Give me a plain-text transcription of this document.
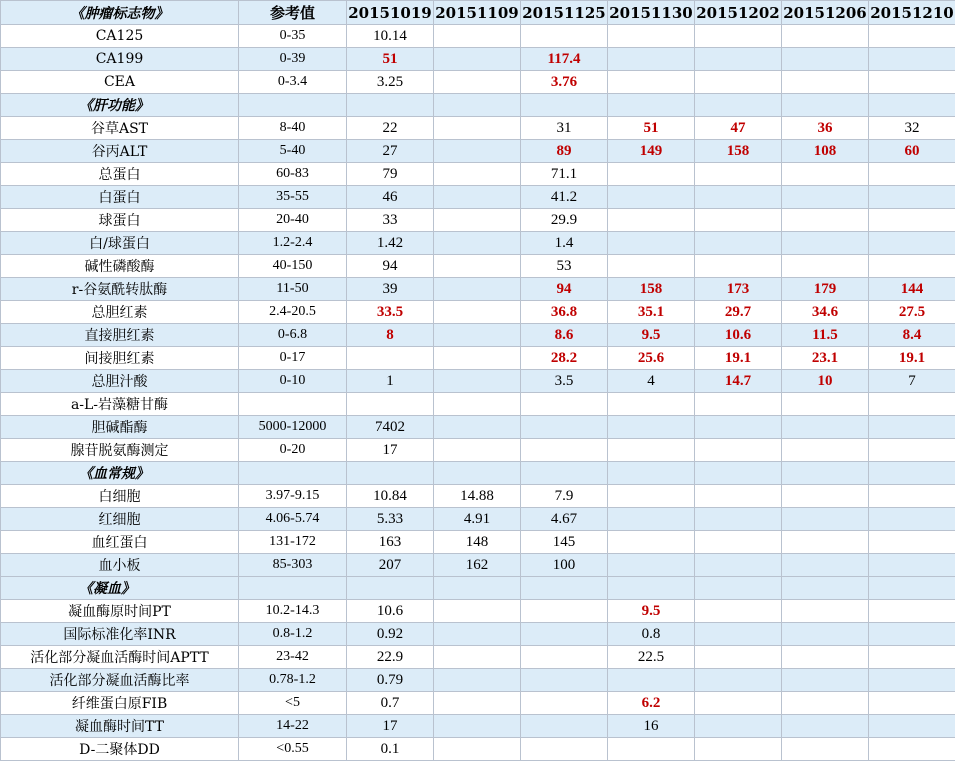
《肿瘤标志物》	参考值	20151019	20151109	20151125	20151130	20151202	20151206	20151210
CA125	0-35	10.14						
CA199	0-39	51		117.4				
CEA	0-3.4	3.25		3.76				
《肝功能》								
谷草AST	8-40	22		31	51	47	36	32
谷丙ALT	5-40	27		89	149	158	108	60
总蛋白	60-83	79		71.1				
白蛋白	35-55	46		41.2				
球蛋白	20-40	33		29.9				
白/球蛋白	1.2-2.4	1.42		1.4				
碱性磷酸酶	40-150	94		53				
r-谷氨酰转肽酶	11-50	39		94	158	173	179	144
总胆红素	2.4-20.5	33.5		36.8	35.1	29.7	34.6	27.5
直接胆红素	0-6.8	8		8.6	9.5	10.6	11.5	8.4
间接胆红素	0-17			28.2	25.6	19.1	23.1	19.1
总胆汁酸	0-10	1		3.5	4	14.7	10	7
a-L-岩藻糖甘酶								
胆碱酯酶	5000-12000	7402						
腺苷脱氨酶测定	0-20	17						
《血常规》								
白细胞	3.97-9.15	10.84	14.88	7.9				
红细胞	4.06-5.74	5.33	4.91	4.67				
血红蛋白	131-172	163	148	145				
血小板	85-303	207	162	100				
《凝血》								
凝血酶原时间PT	10.2-14.3	10.6			9.5			
国际标准化率INR	0.8-1.2	0.92			0.8			
活化部分凝血活酶时间APTT	23-42	22.9			22.5			
活化部分凝血活酶比率	0.78-1.2	0.79						
纤维蛋白原FIB	<5	0.7			6.2			
凝血酶时间TT	14-22	17			16			
D-二聚体DD	<0.55	0.1						
